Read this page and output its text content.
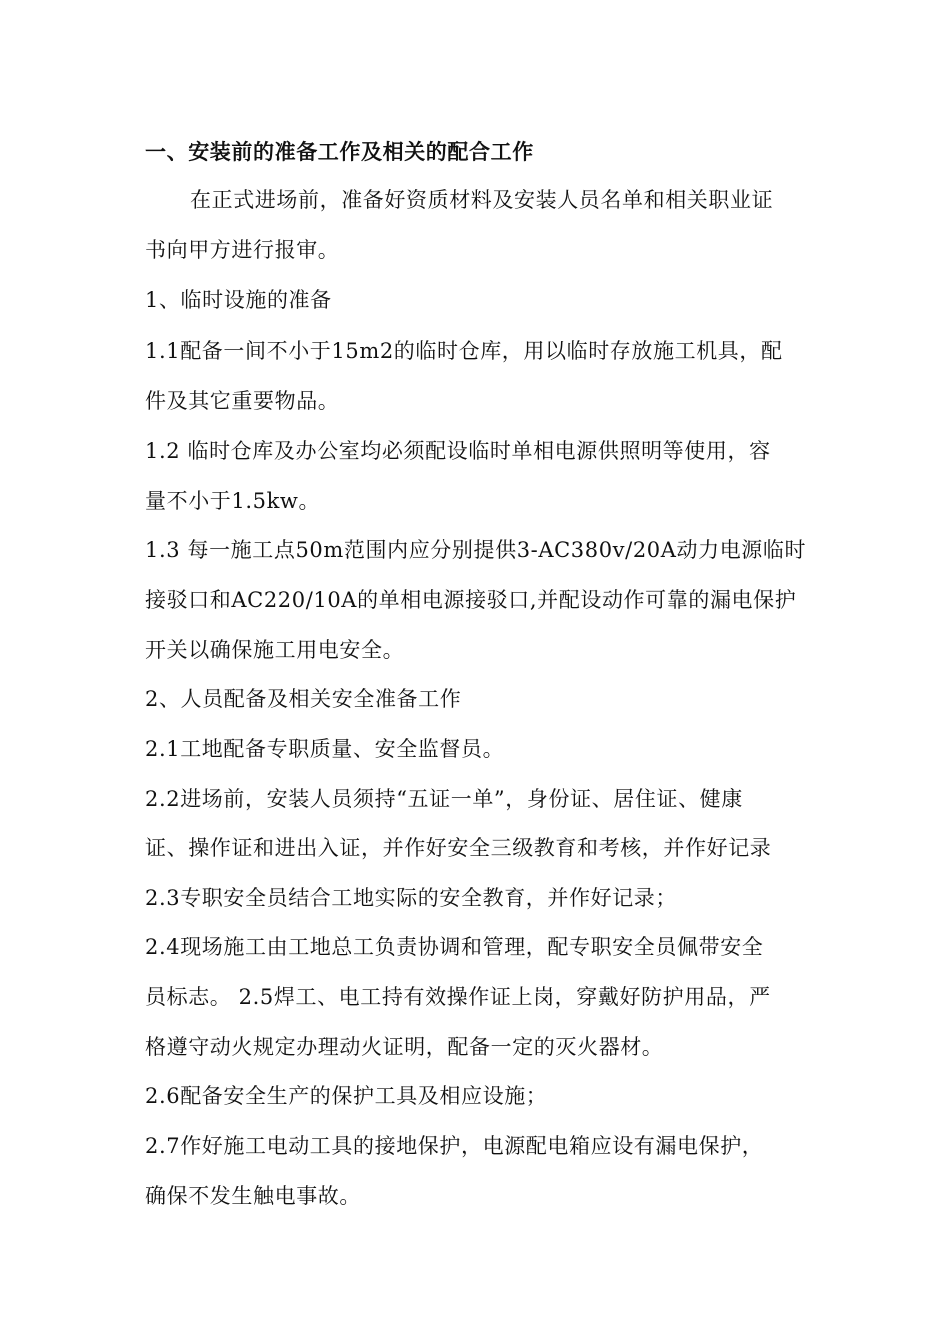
一、安装前的准备工作及相关的配合工作
在正式进场前，准备好资质材料及安装人员名单和相关职业证
书向甲方进行报审。
1、临时设施的准备
1.1配备一间不小于15m2的临时仓库，用以临时存放施工机具，配
件及其它重要物品。
1.2 临时仓库及办公室均必须配设临时单相电源供照明等使用，容
量不小于1.5kw。
1.3 每一施工点50m范围内应分别提供3-AC380v/20A动力电源临时
接驳口和AC220/10A的单相电源接驳口,并配设动作可靠的漏电保护
开关以确保施工用电安全。
2、人员配备及相关安全准备工作
2.1工地配备专职质量、安全监督员。
2.2进场前，安装人员须持“五证一单”，身份证、居住证、健康
证、操作证和进出入证，并作好安全三级教育和考核，并作好记录
2.3专职安全员结合工地实际的安全教育，并作好记录；
2.4现场施工由工地总工负责协调和管理，配专职安全员佩带安全
员标志。 2.5焊工、电工持有效操作证上岗，穿戴好防护用品，严
格遵守动火规定办理动火证明，配备一定的灭火器材。
2.6配备安全生产的保护工具及相应设施；
2.7作好施工电动工具的接地保护，电源配电箱应设有漏电保护，
确保不发生触电事故。
